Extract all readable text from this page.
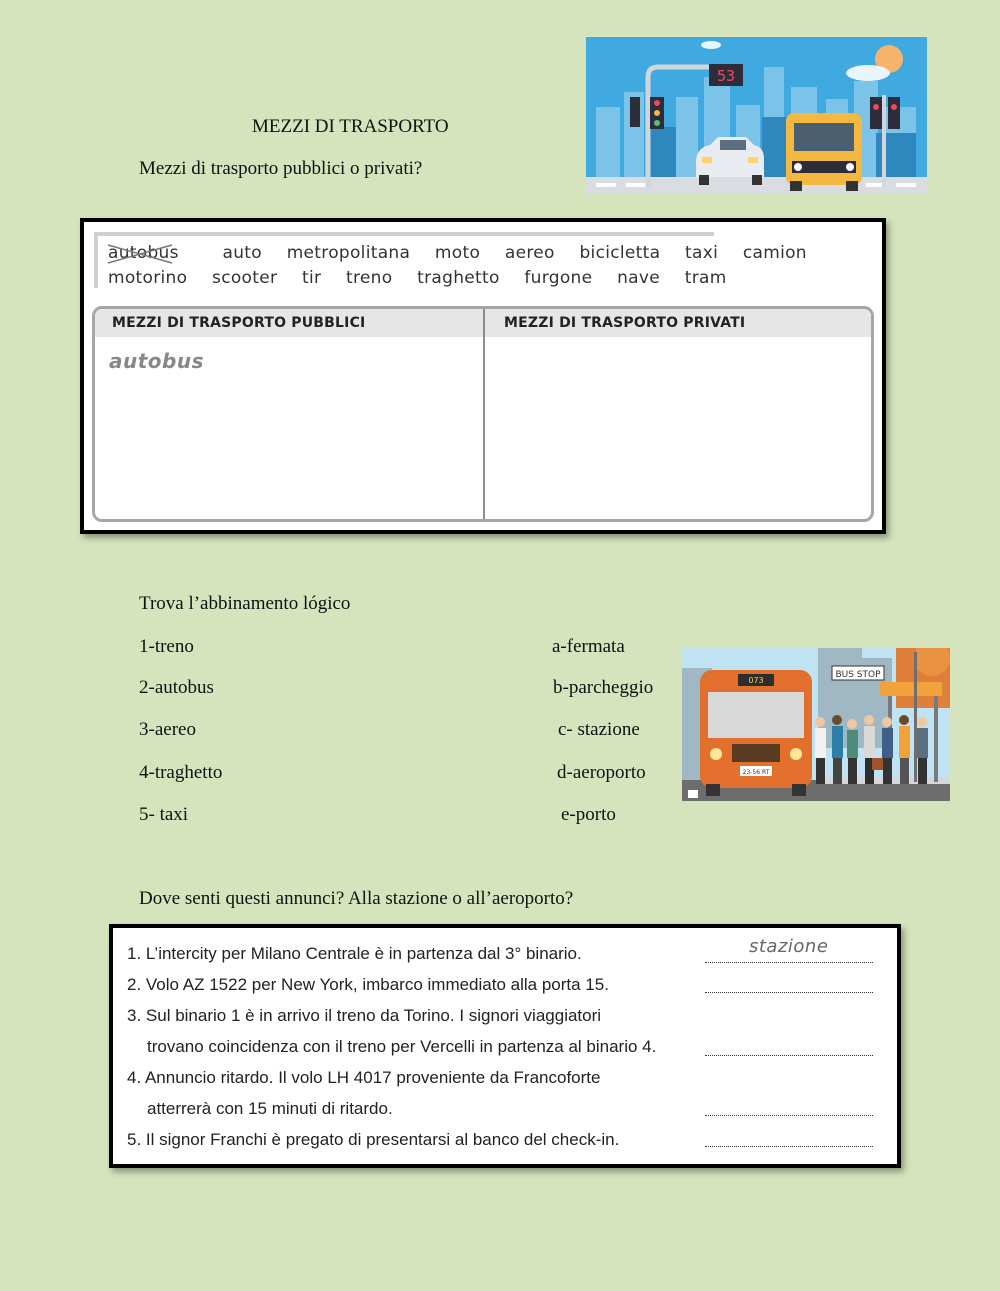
MEZZI DI TRASPORTO
Mezzi di trasporto pubblici o privati?
53
autobus	auto metropolitana moto aereo bicicletta taxi camion
motorino scooter tir treno traghetto furgone nave tram
MEZZI DI TRASPORTO PUBBLICI	MEZZI DI TRASPORTO PRIVATI
autobus
Trova l’abbinamento lógico
1-treno
2-autobus
3-aereo
4-traghetto
5- taxi
a-fermata
b-parcheggio
c- stazione
d-aeroporto
e-porto
BUS STOP
073
23-56 RT
Dove senti questi annunci? Alla stazione o all’aeroporto?
1. L’intercity per Milano Centrale è in partenza dal 3° binario.
2. Volo AZ 1522 per New York, imbarco immediato alla porta 15.
3. Sul binario 1 è in arrivo il treno da Torino. I signori viaggiatori
trovano coincidenza con il treno per Vercelli in partenza al binario 4.
4. Annuncio ritardo. Il volo LH 4017 proveniente da Francoforte
atterrerà con 15 minuti di ritardo.
5. Il signor Franchi è pregato di presentarsi al banco del check-in.
stazione
